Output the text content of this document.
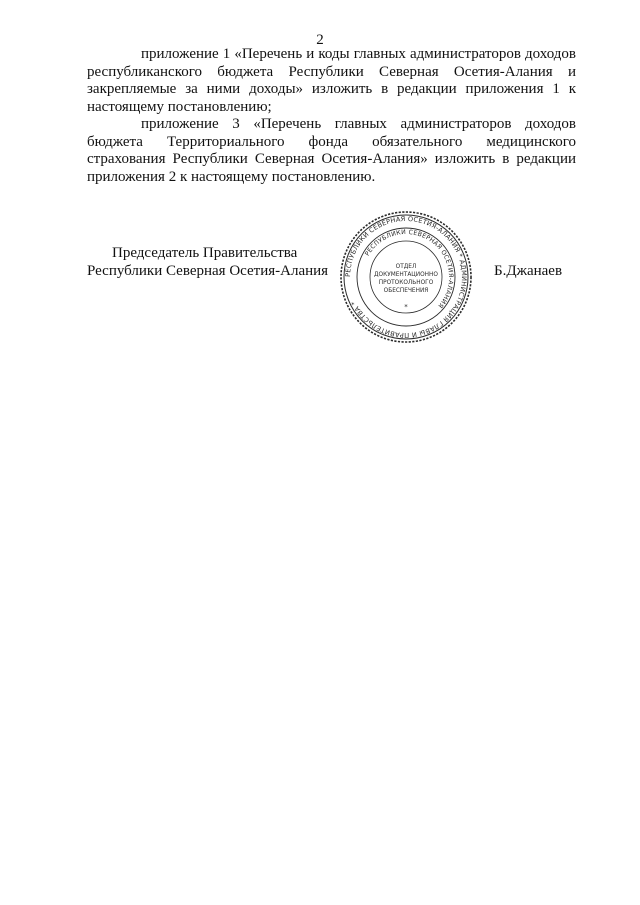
2

приложение 1 «Перечень и коды главных администраторов доходов республиканского бюджета Республики Северная Осетия-Алания и закрепляемые за ними доходы» изложить в редакции приложения 1 к настоящему постановлению;

приложение 3 «Перечень главных администраторов доходов бюджета Территориального фонда обязательного медицинского страхования Республики Северная Осетия-Алания» изложить в редакции приложения 2 к настоящему постановлению.

Председатель Правительства
Республики Северная Осетия-Алания	РЕСПУБЛИКИ СЕВЕРНАЯ ОСЕТИЯ-АЛАНИЯ * АДМИНИСТРАЦИЯ ГЛАВЫ И ПРАВИТЕЛЬСТВА *
РЕСПУБЛИКИ СЕВЕРНАЯ ОСЕТИЯ-АЛАНИЯ
ОТДЕЛ
ДОКУМЕНТАЦИОННО
ПРОТОКОЛЬНОГО
ОБЕСПЕЧЕНИЯ
*
Б.Джанаев
